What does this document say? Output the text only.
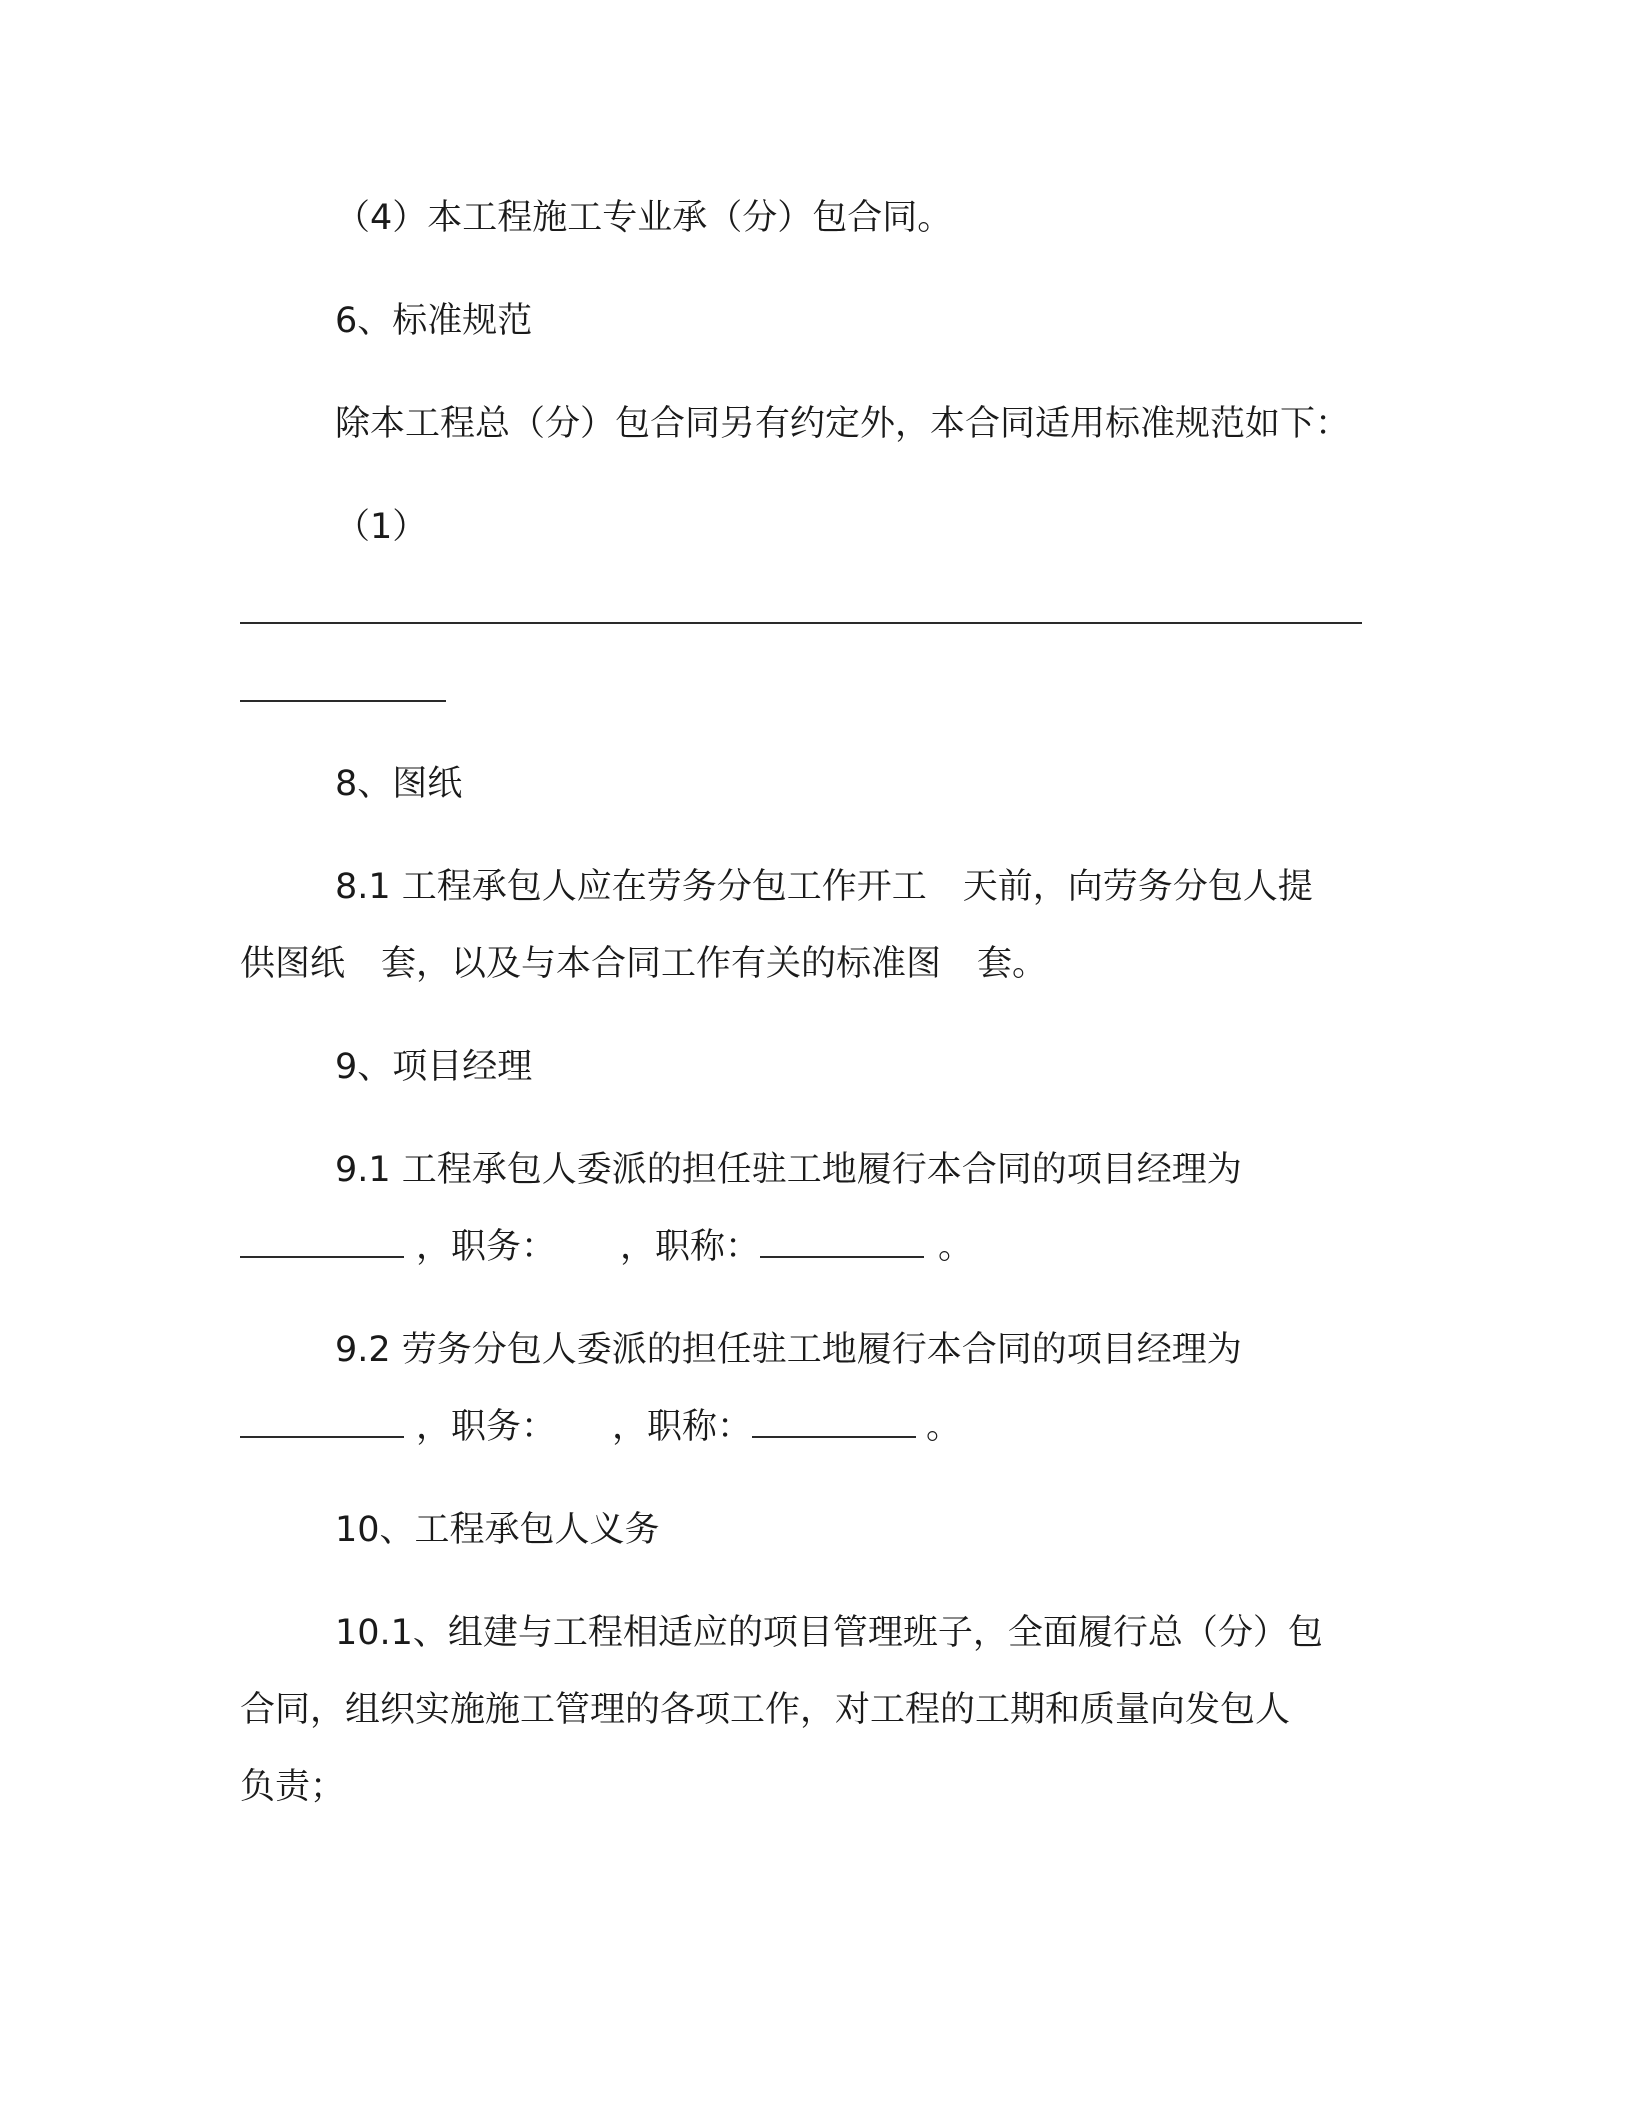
（4）本工程施工专业承（分）包合同。
6、标准规范
除本工程总（分）包合同另有约定外，本合同适用标准规范如下：
（1）
8、图纸
8.1 工程承包人应在劳务分包工作开工 天前，向劳务分包人提
供图纸 套，以及与本合同工作有关的标准图 套。
9、项目经理
9.1 工程承包人委派的担任驻工地履行本合同的项目经理为
，职务： ，职称：	。
9.2 劳务分包人委派的担任驻工地履行本合同的项目经理为
，职务： ，职称：	。
10、工程承包人义务
10.1、组建与工程相适应的项目管理班子，全面履行总（分）包
合同，组织实施施工管理的各项工作，对工程的工期和质量向发包人
负责；
